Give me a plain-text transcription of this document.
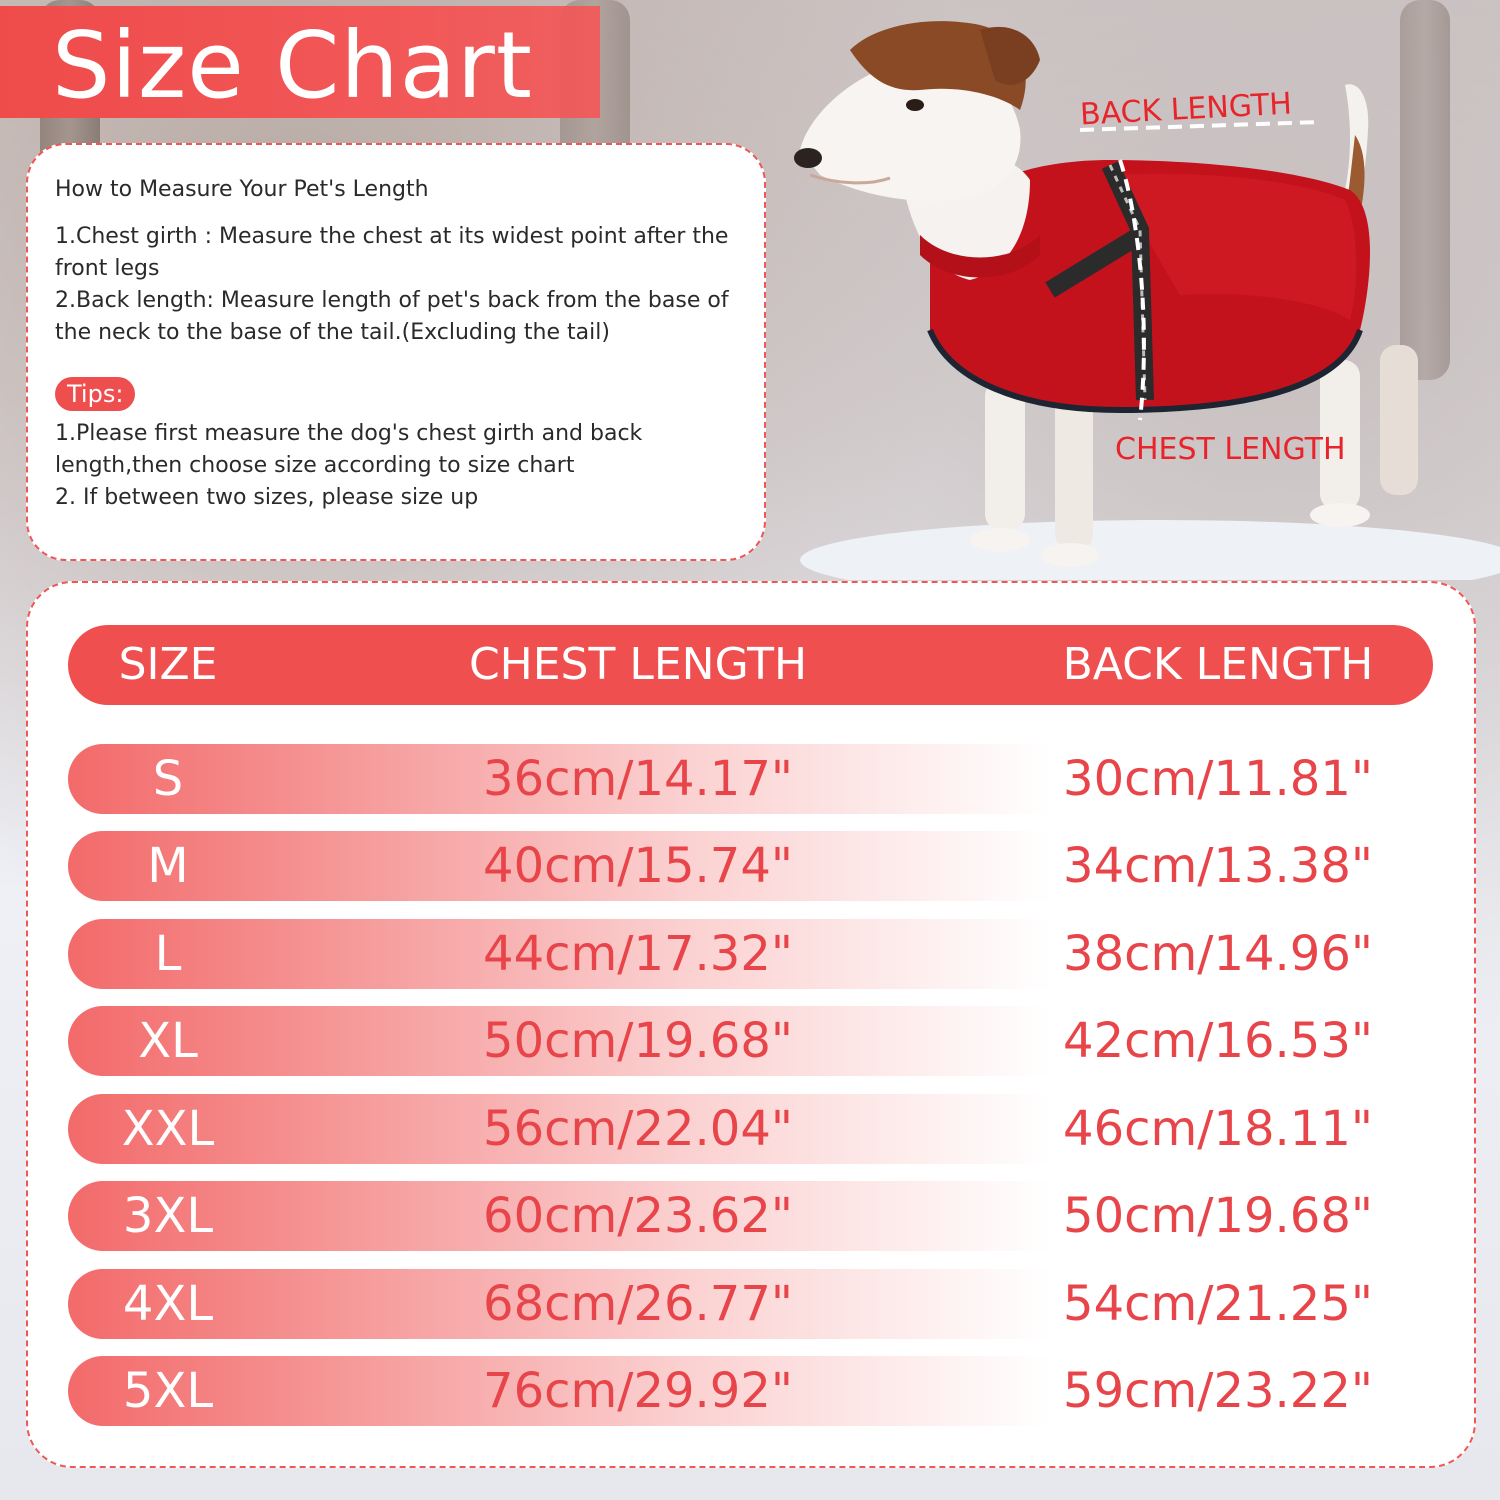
Size Chart
How to Measure Your Pet's Length

1.Chest girth : Measure the chest at its widest point after the front legs

2.Back length: Measure length of pet's back from the base of the neck to the base of the tail.(Excluding the tail)

Tips:

1.Please first measure the dog's chest girth and back length,then choose size according to size chart

2. If between two sizes, please size up

BACK LENGTH
CHEST LENGTH
SIZE	CHEST LENGTH	BACK LENGTH
S	36cm/14.17"	30cm/11.81"
M	40cm/15.74"	34cm/13.38"
L	44cm/17.32"	38cm/14.96"
XL	50cm/19.68"	42cm/16.53"
XXL	56cm/22.04"	46cm/18.11"
3XL	60cm/23.62"	50cm/19.68"
4XL	68cm/26.77"	54cm/21.25"
5XL	76cm/29.92"	59cm/23.22"
